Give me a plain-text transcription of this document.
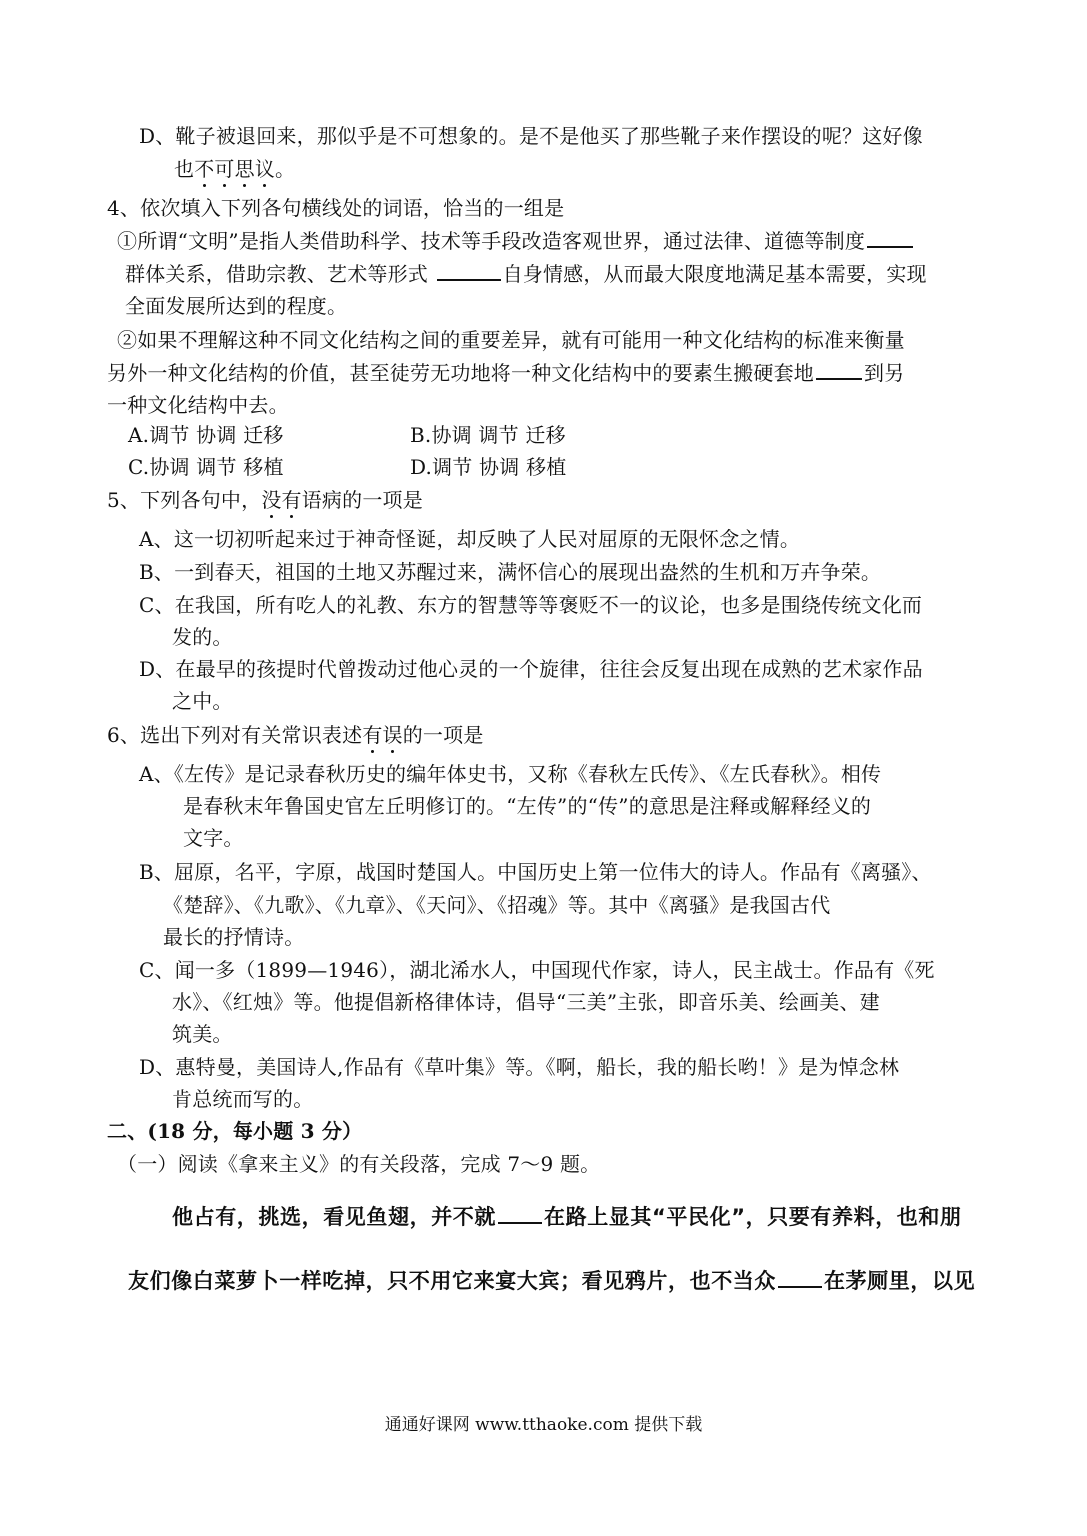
D、靴子被退回来，那似乎是不可想象的。是不是他买了那些靴子来作摆设的呢？这好像
也不可思议。
4、依次填入下列各句横线处的词语，恰当的一组是
①所谓“文明”是指人类借助科学、技术等手段改造客观世界，通过法律、道德等制度
群体关系，借助宗教、艺术等形式	自身情感，从而最大限度地满足基本需要，实现
全面发展所达到的程度。
②如果不理解这种不同文化结构之间的重要差异，就有可能用一种文化结构的标准来衡量
另外一种文化结构的价值，甚至徒劳无功地将一种文化结构中的要素生搬硬套地	到另
一种文化结构中去。
A.调节 协调 迁移	B.协调 调节 迁移
C.协调 调节 移植	D.调节 协调 移植
5、下列各句中，没有语病的一项是
A、这一切初听起来过于神奇怪诞，却反映了人民对屈原的无限怀念之情。
B、一到春天，祖国的土地又苏醒过来，满怀信心的展现出盎然的生机和万卉争荣。
C、在我国，所有吃人的礼教、东方的智慧等等褒贬不一的议论，也多是围绕传统文化而
发的。
D、在最早的孩提时代曾拨动过他心灵的一个旋律，往往会反复出现在成熟的艺术家作品
之中。
6、选出下列对有关常识表述有误的一项是
A、《左传》是记录春秋历史的编年体史书，又称《春秋左氏传》、《左氏春秋》。相传
是春秋末年鲁国史官左丘明修订的。“左传”的“传”的意思是注释或解释经义的
文字。
B、屈原，名平，字原，战国时楚国人。中国历史上第一位伟大的诗人。作品有《离骚》、
《楚辞》、《九歌》、《九章》、《天问》、《招魂》等。其中《离骚》是我国古代
最长的抒情诗。
C、闻一多（1899—1946），湖北浠水人，中国现代作家，诗人，民主战士。作品有《死
水》、《红烛》等。他提倡新格律体诗，倡导“三美”主张，即音乐美、绘画美、建
筑美。
D、惠特曼，美国诗人,作品有《草叶集》等。《啊，船长，我的船长哟！》是为悼念林
肯总统而写的。
二、(18 分，每小题 3 分）
（一）阅读《拿来主义》的有关段落，完成 7～9 题。
他占有，挑选，看见鱼翅，并不就 在路上显其“平民化”，只要有养料，也和朋
友们像白菜萝卜一样吃掉，只不用它来宴大宾；看见鸦片，也不当众 在茅厕里，以见
通通好课网 www.tthaoke.com 提供下载
